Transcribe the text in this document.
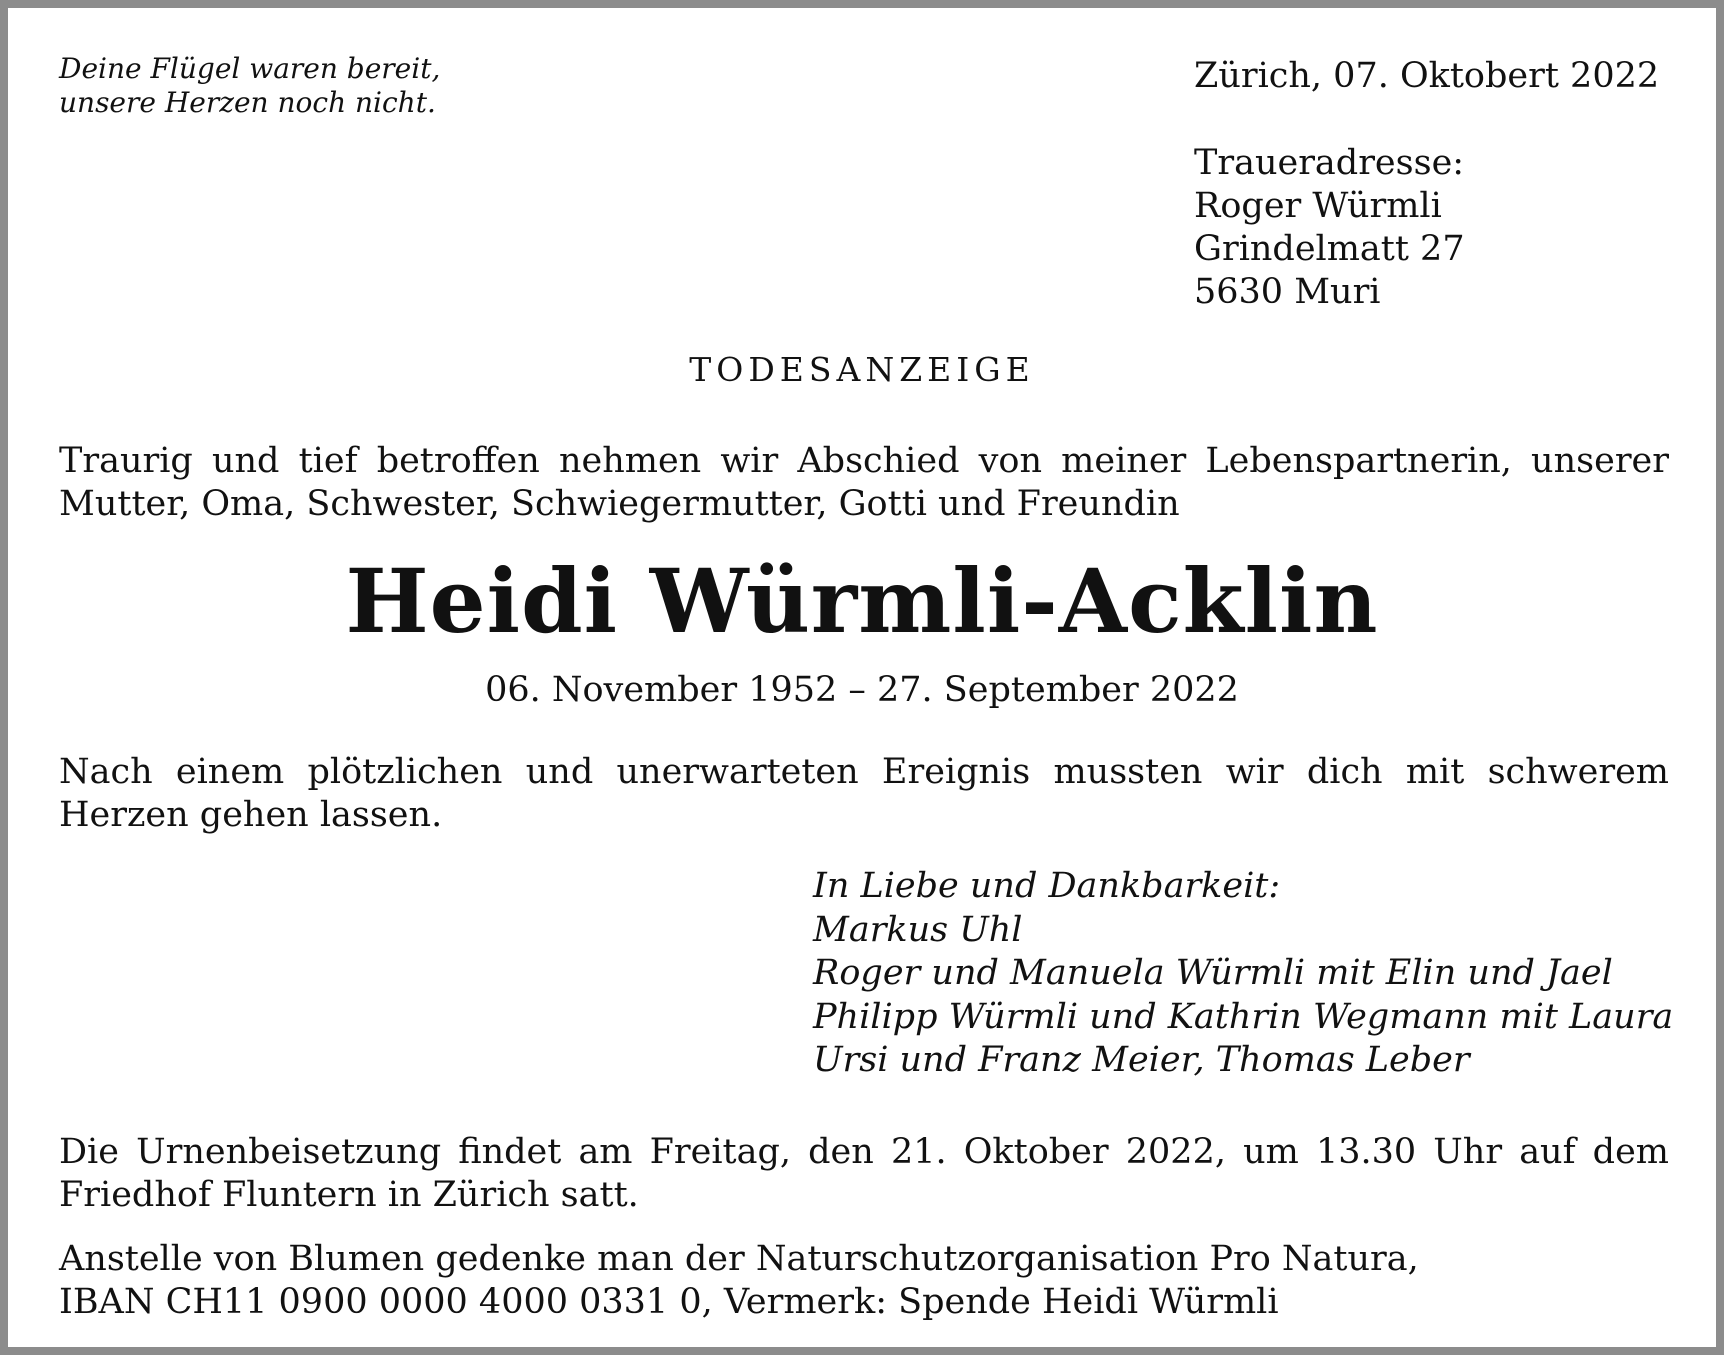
Deine Flügel waren bereit,
unsere Herzen noch nicht.
Zürich, 07. Oktobert 2022
Traueradresse:
Roger Würmli
Grindelmatt 27
5630 Muri
TODESANZEIGE

Traurig und tief betroffen nehmen wir Abschied von meiner Lebenspartnerin, unserer Mutter, Oma, Schwester, Schwiegermutter, Gotti und Freundin

Heidi Würmli-Acklin
06. November 1952 – 27. September 2022

Nach einem plötzlichen und unerwarteten Ereignis mussten wir dich mit schwerem Herzen gehen lassen.

In Liebe und Dankbarkeit:
Markus Uhl
Roger und Manuela Würmli mit Elin und Jael
Philipp Würmli und Kathrin Wegmann mit Laura
Ursi und Franz Meier, Thomas Leber

Die Urnenbeisetzung findet am Freitag, den 21. Oktober 2022, um 13.30 Uhr auf dem Friedhof Fluntern in Zürich satt.

Anstelle von Blumen gedenke man der Naturschutzorganisation Pro Natura,
IBAN CH11 0900 0000 4000 0331 0, Vermerk: Spende Heidi Würmli
